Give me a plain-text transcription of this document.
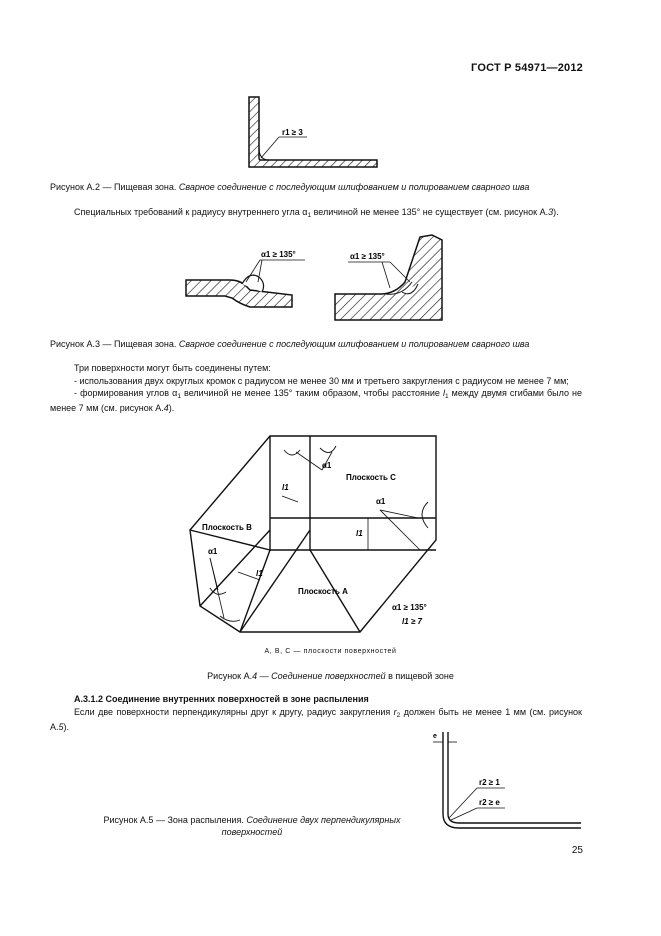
ГОСТ Р 54971—2012
r1 ≥ 3
Рисунок А.2 — Пищевая зона. Сварное соединение с последующим шлифованием и полированием сварного шва
Специальных требований к радиусу внутреннего угла $\alpha_1$ величиной не менее 135° не существует (см. рисунок А.3).
α1 ≥ 135°	α1 ≥ 135°
Рисунок А.3 — Пищевая зона. Сварное соединение с последующим шлифованием и полированием сварного шва
Три поверхности могут быть соединены путем:
- использования двух округлых кромок с радиусом не менее 30 мм и третьего закругления с радиусом не менее 7 мм;
- формирования углов $\alpha_1$ величиной не менее 135° таким образом, чтобы расстояние $l_1$ между двумя сгибами было не менее 7 мм (см. рисунок А.4).
Плоскость С
Плоскость В
Плоскость А
α1
α1
α1
l1
l1
l1
α1 ≥ 135°
l1 ≥ 7
А, В, С — плоскости поверхностей
Рисунок А.4 — Соединение поверхностей в пищевой зоне
А.3.1.2 Соединение внутренних поверхностей в зоне распыления
Если две поверхности перпендикулярны друг к другу, радиус закругления $r_2$ должен быть не менее 1 мм (см. рисунок А.5).
e
r2 ≥ 1
r2 ≥ e
Рисунок А.5 — Зона распыления. Соединение двух перпендикулярных
поверхностей
25
